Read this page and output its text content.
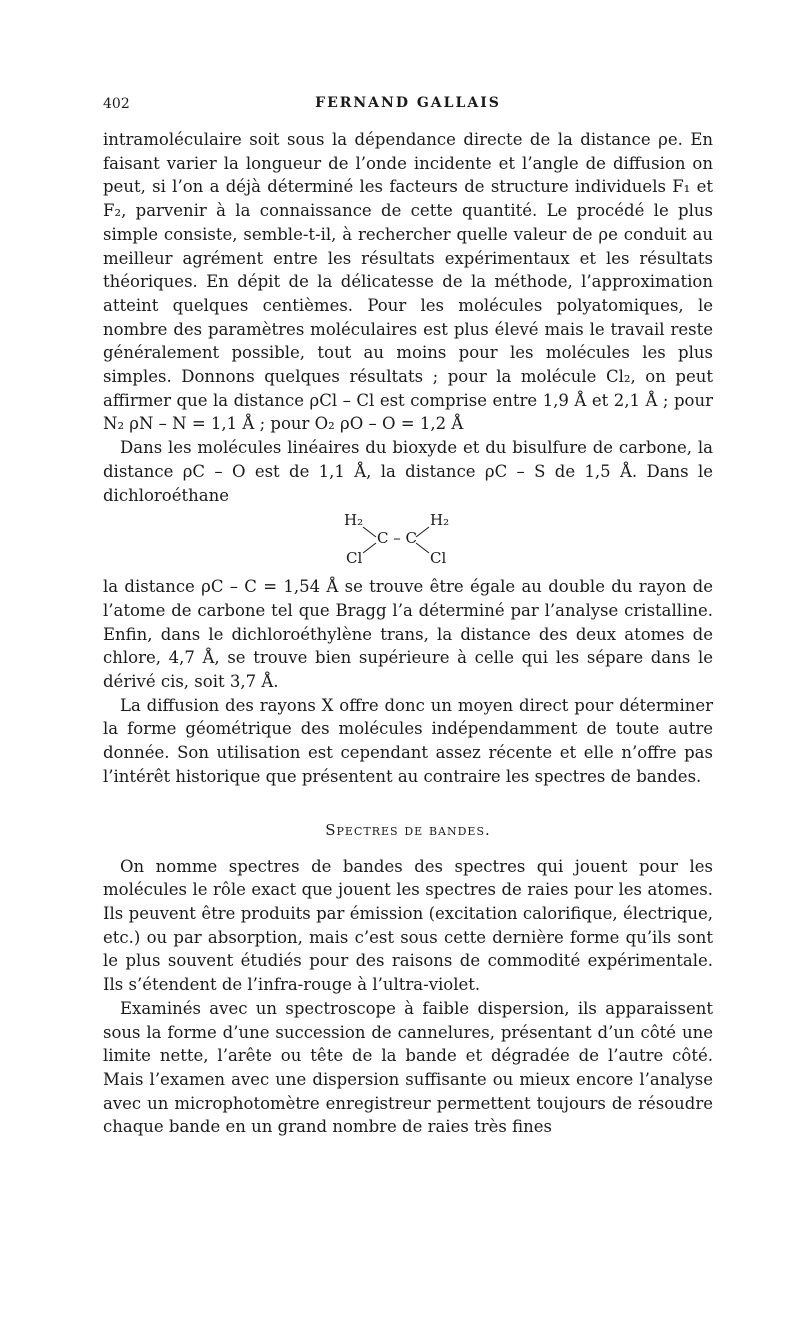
402	FERNAND GALLAIS

intramoléculaire soit sous la dépendance directe de la distance ρe. En faisant varier la longueur de l’onde incidente et l’angle de diffusion on peut, si l’on a déjà déterminé les facteurs de structure individuels F₁ et F₂, parvenir à la connaissance de cette quantité. Le procédé le plus simple consiste, semble-t-il, à rechercher quelle valeur de ρe conduit au meilleur agrément entre les résultats expérimentaux et les résultats théoriques. En dépit de la délicatesse de la méthode, l’approximation atteint quelques centièmes. Pour les molécules polyatomiques, le nombre des paramètres moléculaires est plus élevé mais le travail reste généralement possible, tout au moins pour les molécules les plus simples. Donnons quelques résultats ; pour la molécule Cl₂, on peut affirmer que la distance ρCl – Cl est comprise entre 1,9 Å et 2,1 Å ; pour N₂ ρN – N = 1,1 Å ; pour O₂ ρO – O = 1,2 Å

Dans les molécules linéaires du bioxyde et du bisulfure de carbone, la distance ρC – O est de 1,1 Å, la distance ρC – S de 1,5 Å. Dans le dichloroéthane

H₂
Cl
C – C
H₂
Cl

la distance ρC – C = 1,54 Å se trouve être égale au double du rayon de l’atome de carbone tel que Bragg l’a déterminé par l’analyse cristalline. Enfin, dans le dichloroéthylène trans, la distance des deux atomes de chlore, 4,7 Å, se trouve bien supérieure à celle qui les sépare dans le dérivé cis, soit 3,7 Å.

La diffusion des rayons X offre donc un moyen direct pour déterminer la forme géométrique des molécules indépendamment de toute autre donnée. Son utilisation est cependant assez récente et elle n’offre pas l’intérêt historique que présentent au contraire les spectres de bandes.

Spectres de bandes.

On nomme spectres de bandes des spectres qui jouent pour les molécules le rôle exact que jouent les spectres de raies pour les atomes. Ils peuvent être produits par émission (excitation calorifique, électrique, etc.) ou par absorption, mais c’est sous cette dernière forme qu’ils sont le plus souvent étudiés pour des raisons de commodité expérimentale. Ils s’étendent de l’infra-rouge à l’ultra-violet.

Examinés avec un spectroscope à faible dispersion, ils apparaissent sous la forme d’une succession de cannelures, présentant d’un côté une limite nette, l’arête ou tête de la bande et dégradée de l’autre côté. Mais l’examen avec une dispersion suffisante ou mieux encore l’analyse avec un microphotomètre enregistreur permettent toujours de résoudre chaque bande en un grand nombre de raies très fines
